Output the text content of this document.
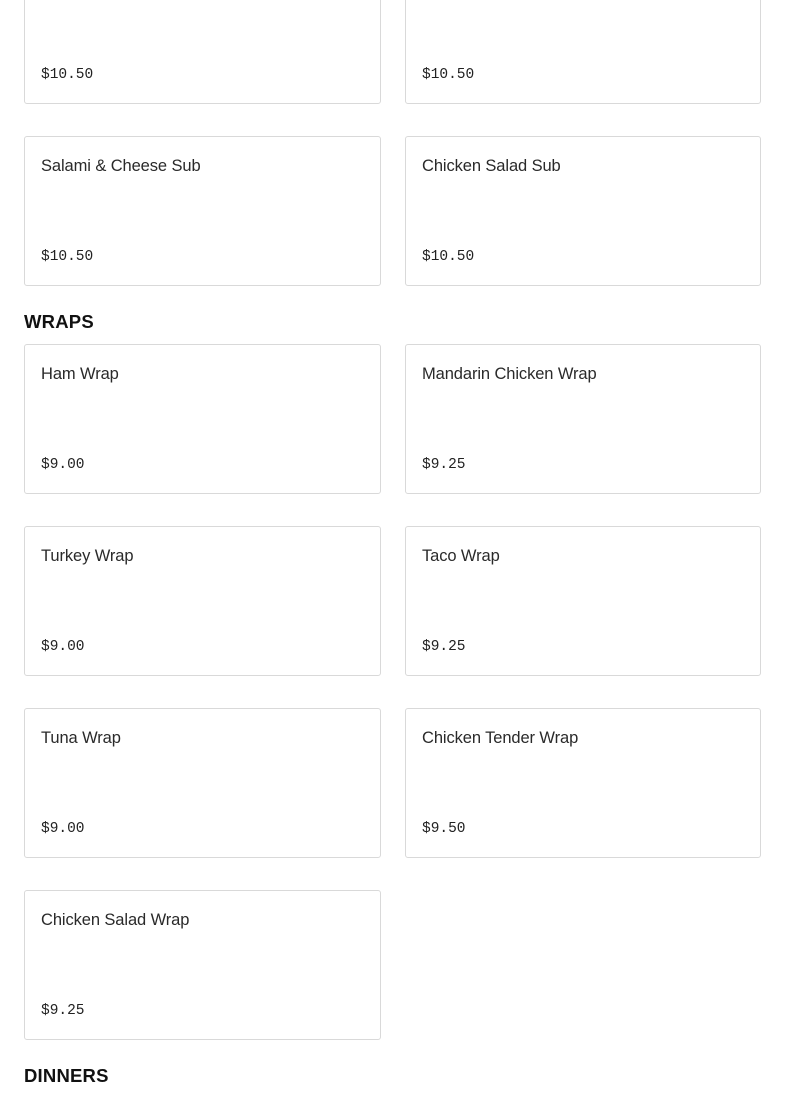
$10.50	$10.50
Salami & Cheese Sub
$10.50
Chicken Salad Sub
$10.50
WRAPS
Ham Wrap
$9.00
Mandarin Chicken Wrap
$9.25
Turkey Wrap
$9.00
Taco Wrap
$9.25
Tuna Wrap
$9.00
Chicken Tender Wrap
$9.50
Chicken Salad Wrap
$9.25
DINNERS
